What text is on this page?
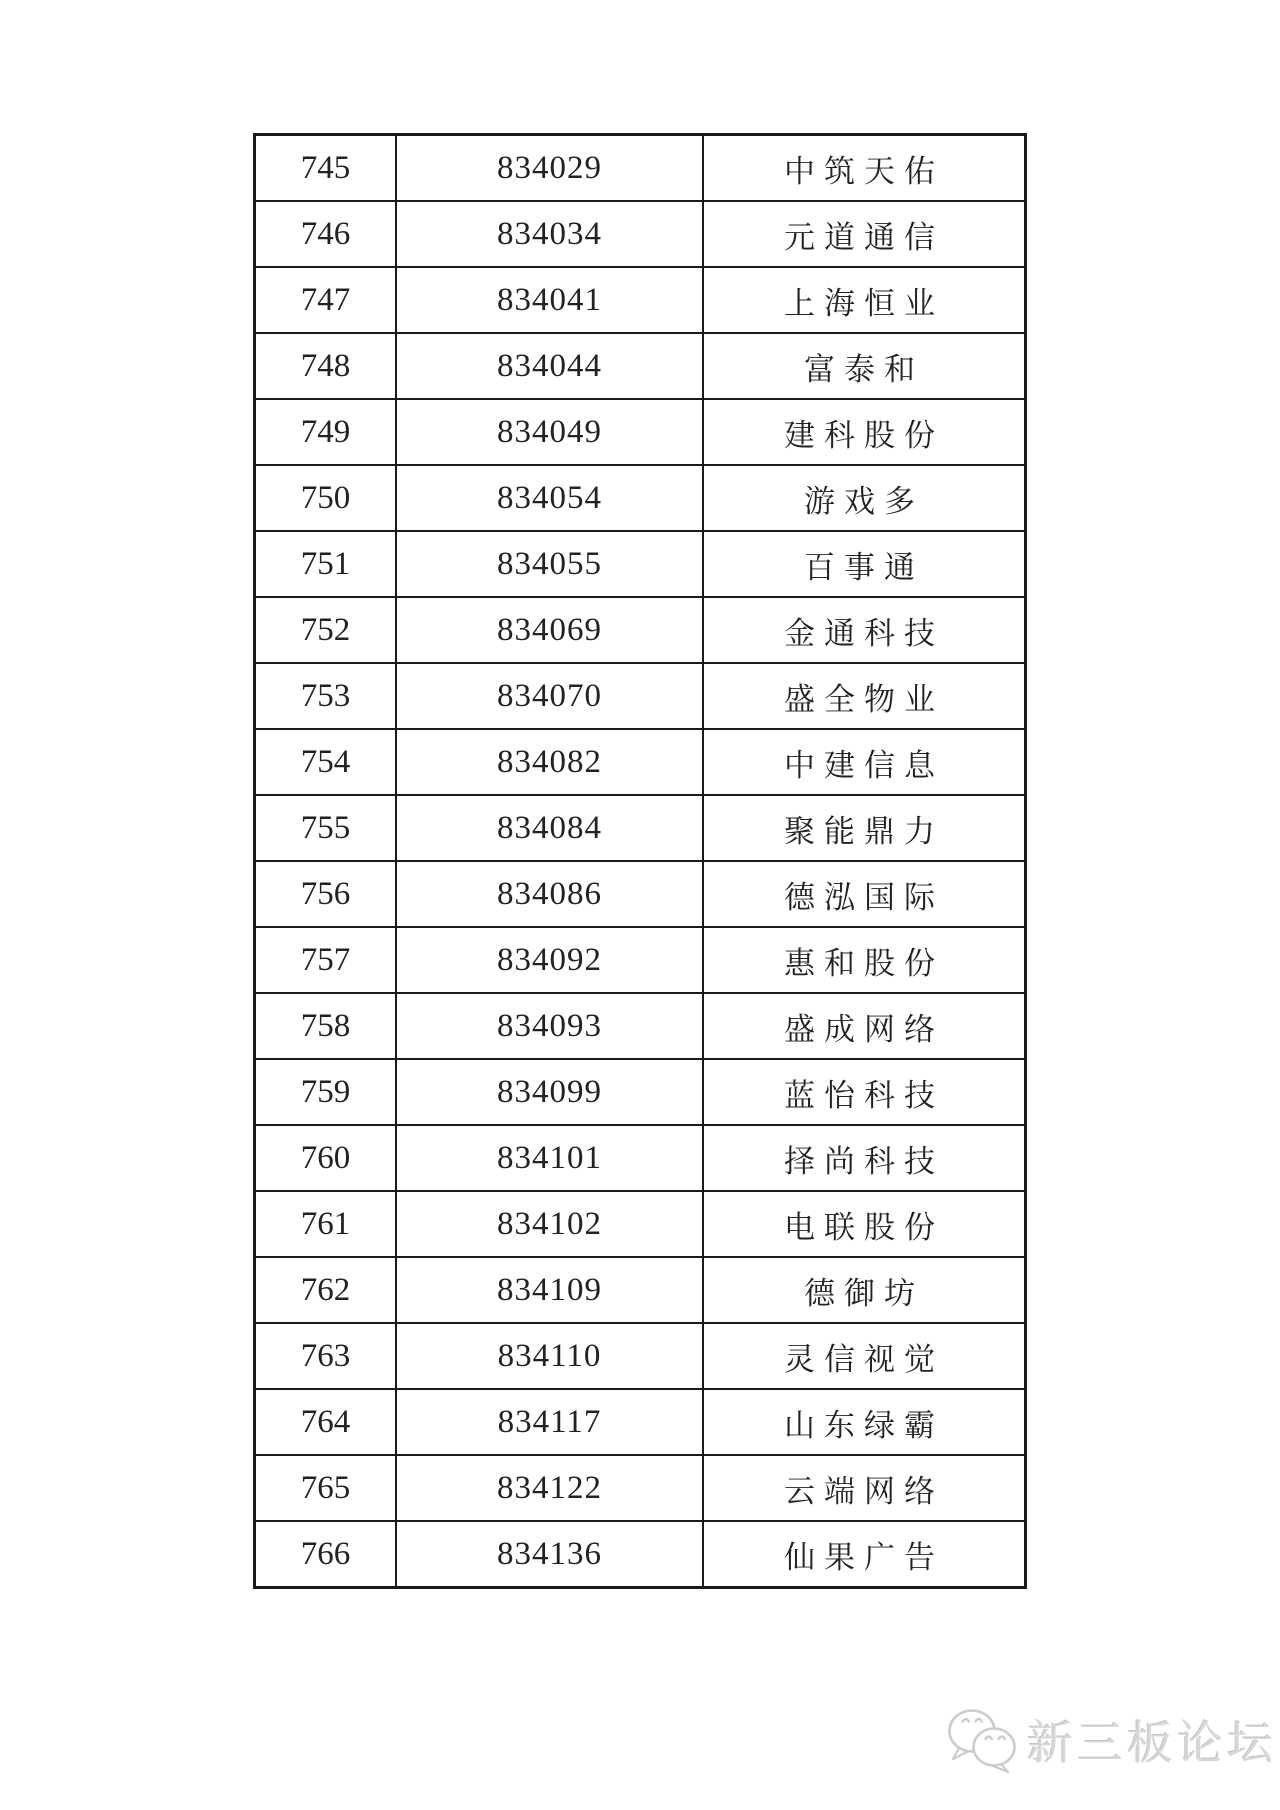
745	834029	中筑天佑
746	834034	元道通信
747	834041	上海恒业
748	834044	富泰和
749	834049	建科股份
750	834054	游戏多
751	834055	百事通
752	834069	金通科技
753	834070	盛全物业
754	834082	中建信息
755	834084	聚能鼎力
756	834086	德泓国际
757	834092	惠和股份
758	834093	盛成网络
759	834099	蓝怡科技
760	834101	择尚科技
761	834102	电联股份
762	834109	德御坊
763	834110	灵信视觉
764	834117	山东绿霸
765	834122	云端网络
766	834136	仙果广告
新三板论坛
